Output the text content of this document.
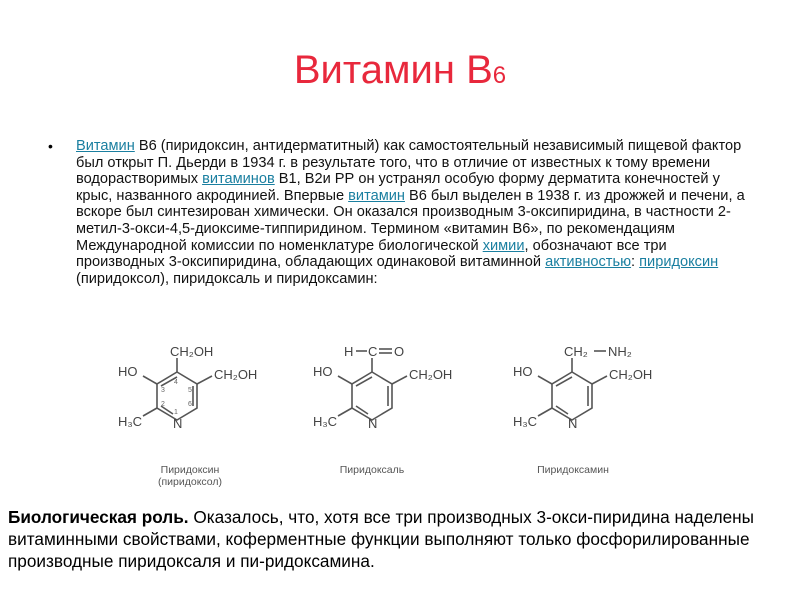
Витамин В6
•	Витамин В6 (пиридоксин, антидерматитный) как самостоятельный независимый пищевой фактор был открыт П. Дьерди в 1934 г. в результате того, что в отличие от известных к тому времени водорастворимых витаминов В1, В2и РР он устранял особую форму дерматита конечностей у крыс, названного акродинией. Впервые витамин В6 был выделен в 1938 г. из дрожжей и печени, а вскоре был синтезирован химически. Он оказался производным 3-оксипиридина, в частности 2-метил-3-окси-4,5-диоксиме-типпиридином. Термином «витамин В6», по рекомендациям Международной комиссии по номенклатуре биологической химии, обозначают все три производных 3-оксипиридина, обладающих одинаковой витаминной активностью: пиридоксин (пиридоксол), пиридоксаль и пиридоксамин:
CH₂OH
HO	CH₂OH
H₃C N
4
3	5
2	6
1
Пиридоксин
(пиридоксол)
H C O
HO	CH₂OH
H₃C N
Пиридоксаль
CH₂ NH₂
HO	CH₂OH
H₃C N
Пиридоксамин
Биологическая роль. Оказалось, что, хотя все три производных 3-окси-пиридина наделены витаминными свойствами, коферментные функции выполняют только фосфорилированные производные пиридоксаля и пи-ридоксамина.
